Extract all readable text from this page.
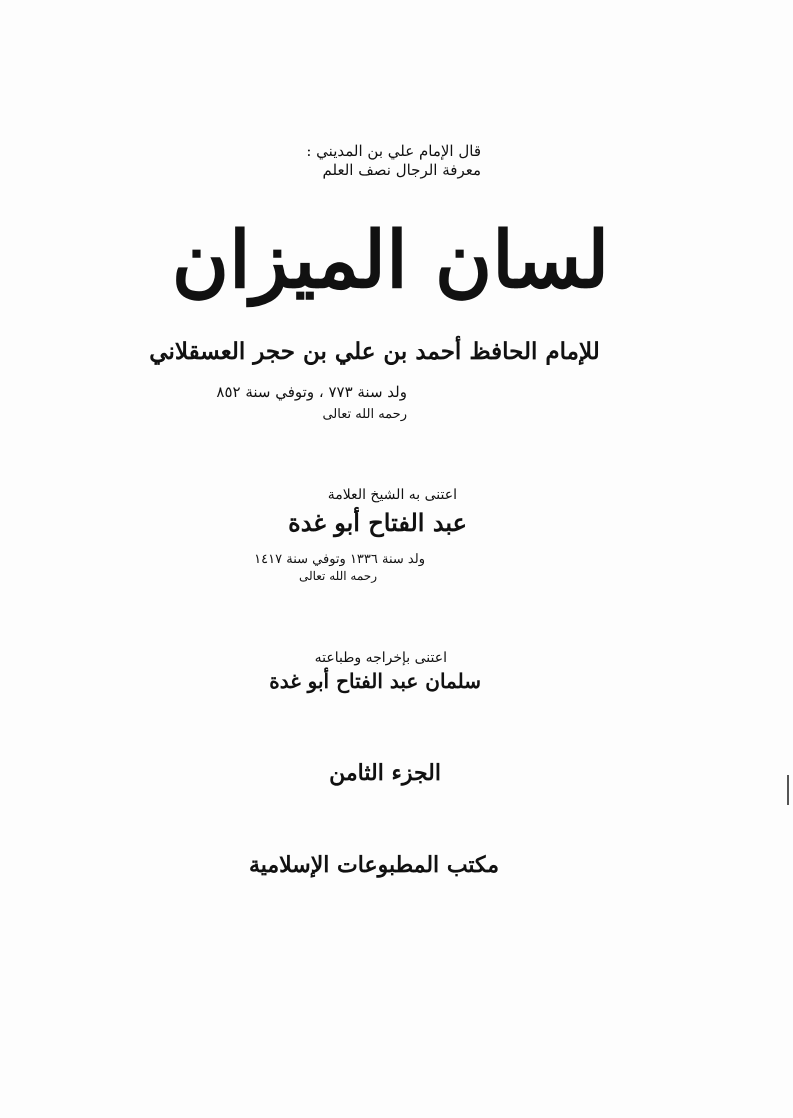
قال الإمام علي بن المديني :
معرفة الرجال نصف العلم
لسان الميزان
للإمام الحافظ أحمد بن علي بن حجر العسقلاني
ولد سنة ٧٧٣ ، وتوفي سنة ٨٥٢
رحمه الله تعالى
اعتنى به الشيخ العلامة
عبد الفتاح أبو غدة
ولد سنة ١٣٣٦ وتوفي سنة ١٤١٧
رحمه الله تعالى
اعتنى بإخراجه وطباعته
سلمان عبد الفتاح أبو غدة
الجزء الثامن
مكتب المطبوعات الإسلامية
